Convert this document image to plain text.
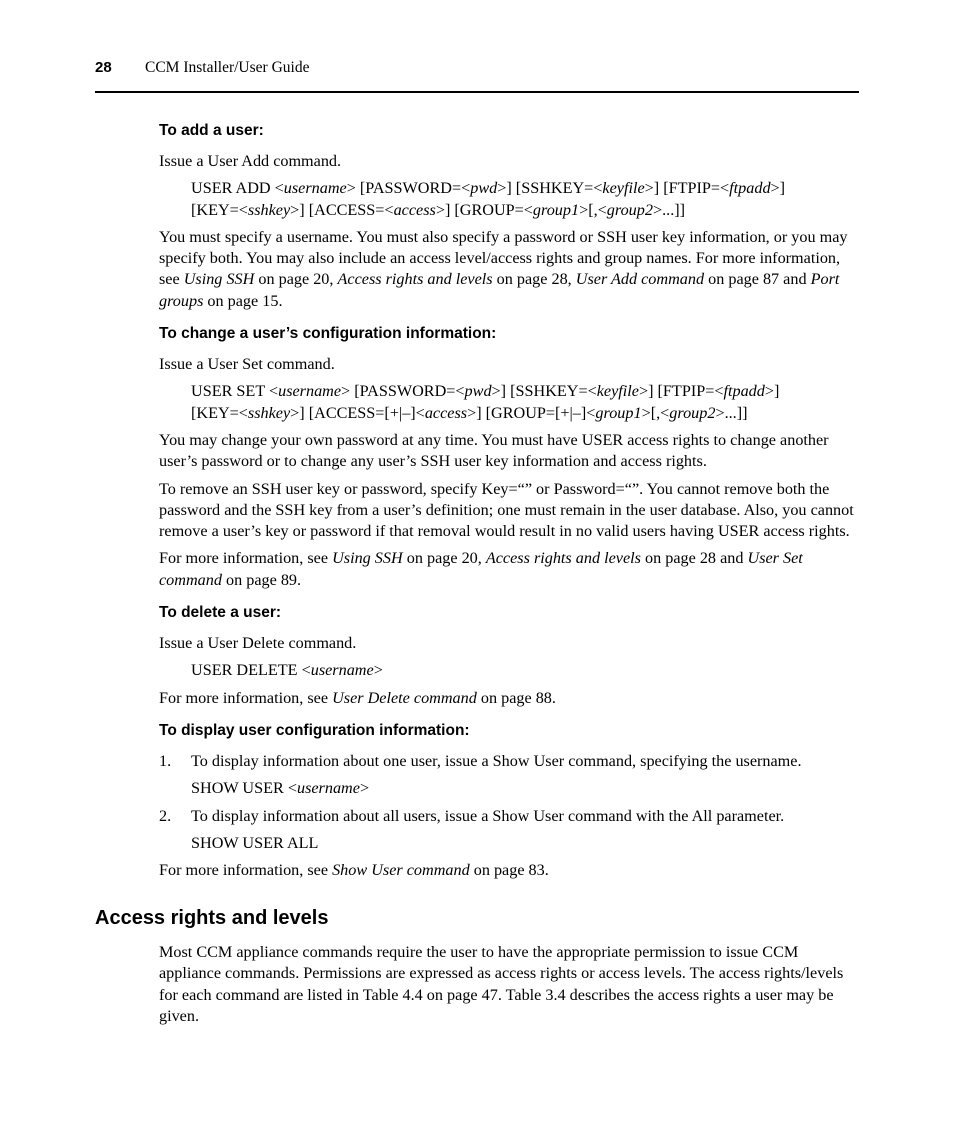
28 CCM Installer/User Guide
To add a user:
Issue a User Add command.
USER ADD <username> [PASSWORD=<pwd>] [SSHKEY=<keyfile>] [FTPIP=<ftpadd>]
[KEY=<sshkey>] [ACCESS=<access>] [GROUP=<group1>[,<group2>...]]
You must specify a username. You must also specify a password or SSH user key information, or you may specify both. You may also include an access level/access rights and group names. For more information, see Using SSH on page 20, Access rights and levels on page 28, User Add command on page 87 and Port groups on page 15.
To change a user’s configuration information:
Issue a User Set command.
USER SET <username> [PASSWORD=<pwd>] [SSHKEY=<keyfile>] [FTPIP=<ftpadd>]
[KEY=<sshkey>] [ACCESS=[+|–]<access>] [GROUP=[+|–]<group1>[,<group2>...]]
You may change your own password at any time. You must have USER access rights to change another user’s password or to change any user’s SSH user key information and access rights.
To remove an SSH user key or password, specify Key=“” or Password=“”. You cannot remove both the password and the SSH key from a user’s definition; one must remain in the user database. Also, you cannot remove a user’s key or password if that removal would result in no valid users having USER access rights.
For more information, see Using SSH on page 20, Access rights and levels on page 28 and User Set command on page 89.
To delete a user:
Issue a User Delete command.
USER DELETE <username>
For more information, see User Delete command on page 88.
To display user configuration information:
1. To display information about one user, issue a Show User command, specifying the username.
SHOW USER <username>
2. To display information about all users, issue a Show User command with the All parameter.
SHOW USER ALL
For more information, see Show User command on page 83.
Access rights and levels
Most CCM appliance commands require the user to have the appropriate permission to issue CCM appliance commands. Permissions are expressed as access rights or access levels. The access rights/levels for each command are listed in Table 4.4 on page 47. Table 3.4 describes the access rights a user may be given.
